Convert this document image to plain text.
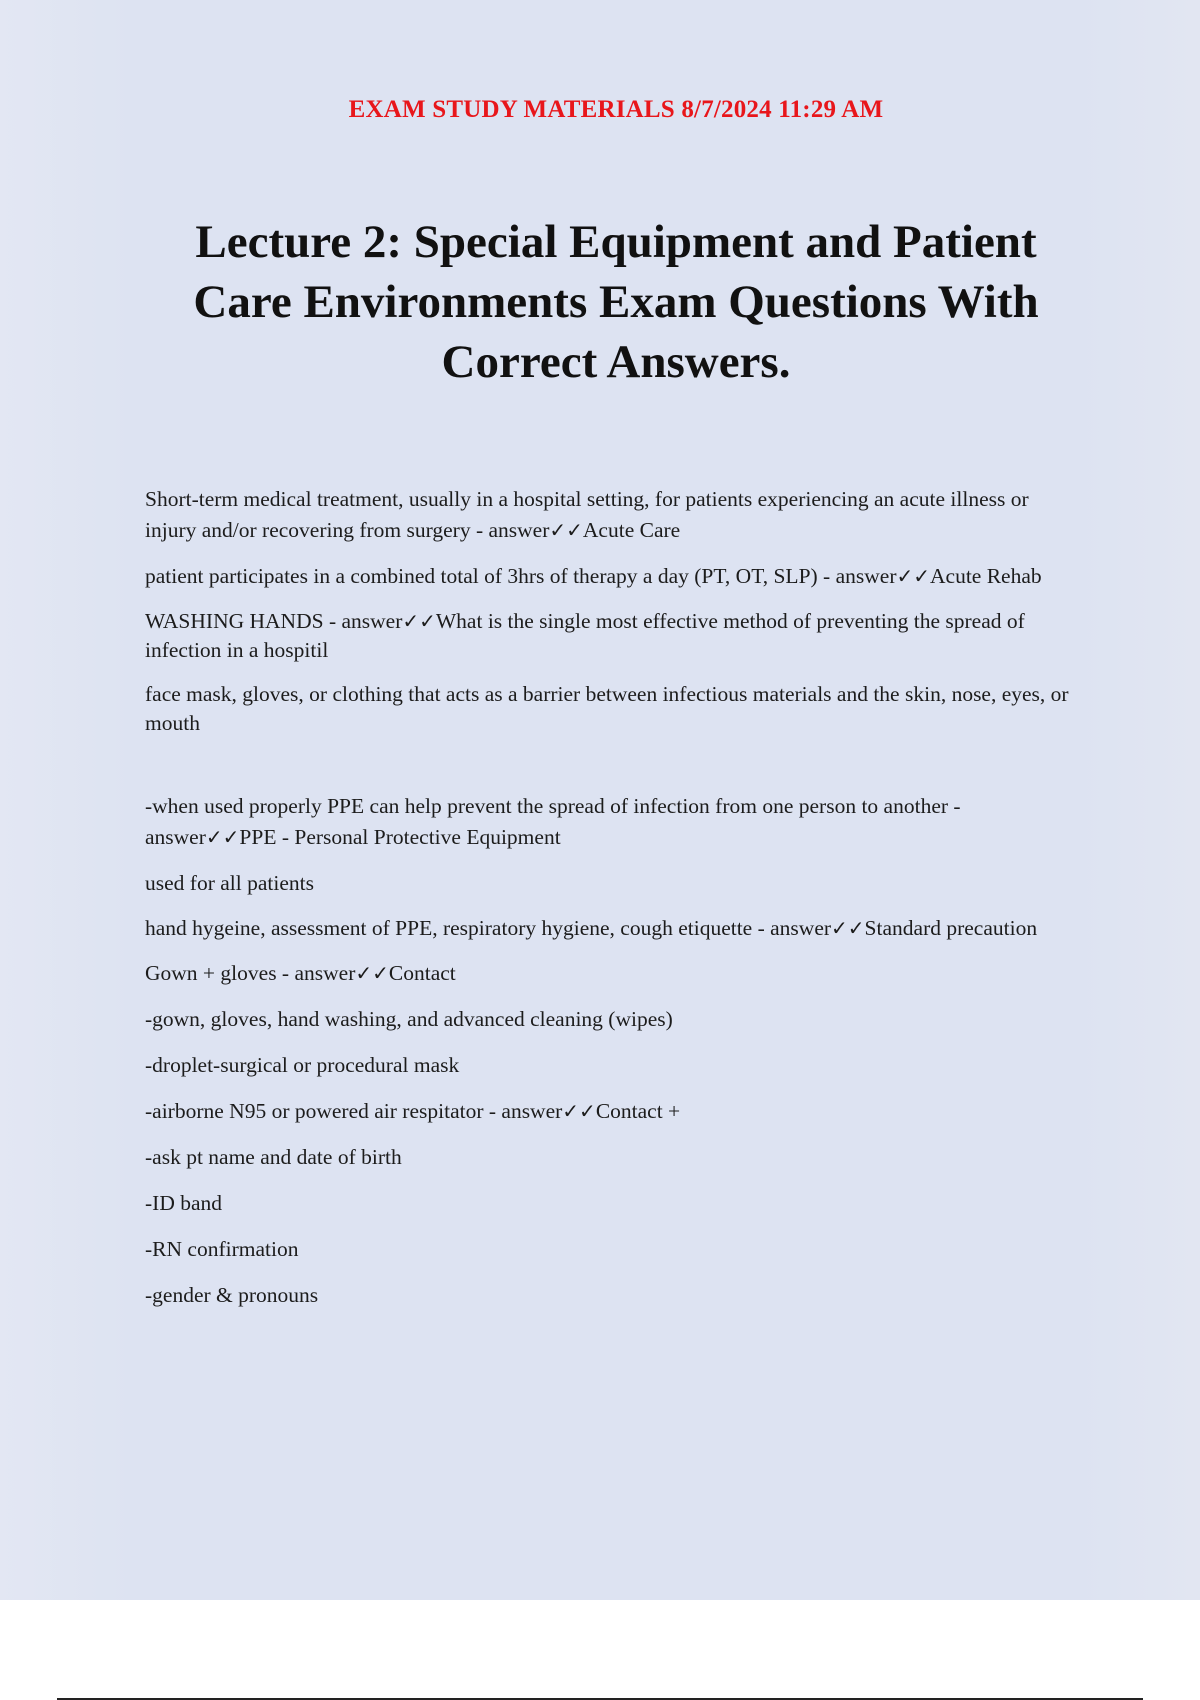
EXAM STUDY MATERIALS 8/7/2024 11:29 AM
Lecture 2: Special Equipment and Patient Care Environments Exam Questions With Correct Answers.

Short-term medical treatment, usually in a hospital setting, for patients experiencing an acute illness or injury and/or recovering from surgery - answer✓✓Acute Care

patient participates in a combined total of 3hrs of therapy a day (PT, OT, SLP) - answer✓✓Acute Rehab

WASHING HANDS - answer✓✓What is the single most effective method of preventing the spread of infection in a hospitil

face mask, gloves, or clothing that acts as a barrier between infectious materials and the skin, nose, eyes, or mouth

-when used properly PPE can help prevent the spread of infection from one person to another - answer✓✓PPE - Personal Protective Equipment

used for all patients

hand hygeine, assessment of PPE, respiratory hygiene, cough etiquette - answer✓✓Standard precaution

Gown + gloves - answer✓✓Contact

-gown, gloves, hand washing, and advanced cleaning (wipes)

-droplet-surgical or procedural mask

-airborne N95 or powered air respitator - answer✓✓Contact +

-ask pt name and date of birth

-ID band

-RN confirmation

-gender & pronouns
